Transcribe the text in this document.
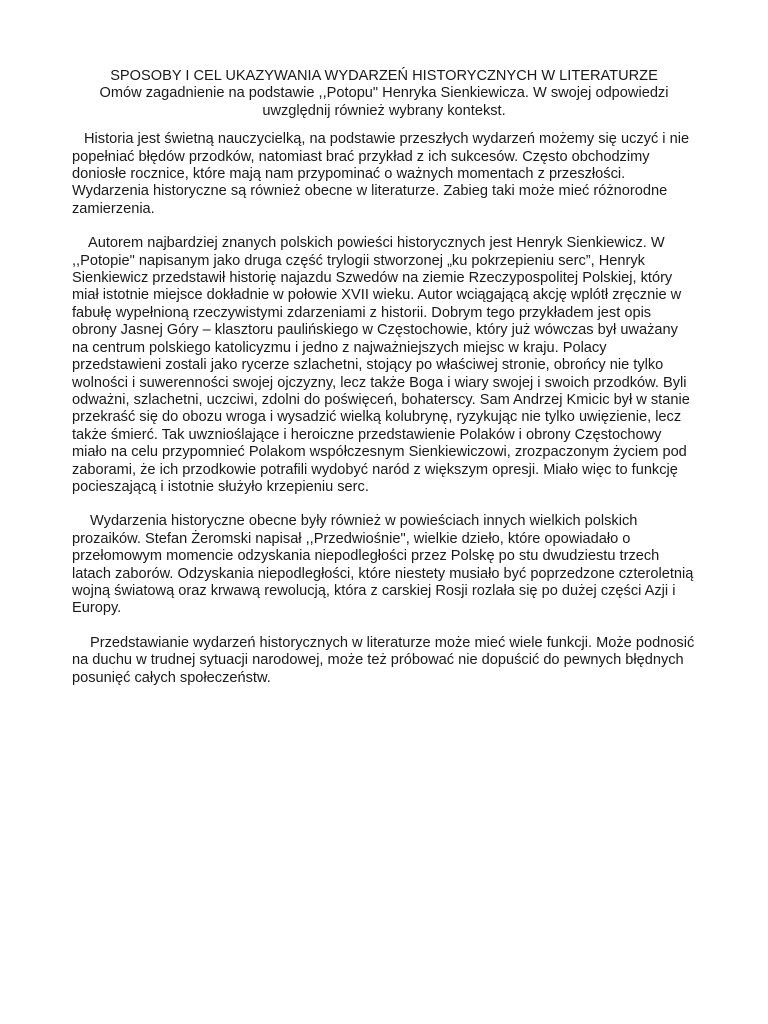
SPOSOBY I CEL UKAZYWANIA WYDARZEŃ HISTORYCZNYCH W LITERATURZE
Omów zagadnienie na podstawie ,,Potopu" Henryka Sienkiewicza. W swojej odpowiedzi
uwzględnij również wybrany kontekst.

Historia jest świetną nauczycielką, na podstawie przeszłych wydarzeń możemy się uczyć i nie popełniać błędów przodków, natomiast brać przykład z ich sukcesów. Często obchodzimy doniosłe rocznice, które mają nam przypominać o ważnych momentach z przeszłości. Wydarzenia historyczne są również obecne w literaturze. Zabieg taki może mieć różnorodne zamierzenia.

Autorem najbardziej znanych polskich powieści historycznych jest Henryk Sienkiewicz. W ,,Potopie" napisanym jako druga część trylogii stworzonej „ku pokrzepieniu serc”, Henryk Sienkiewicz przedstawił historię najazdu Szwedów na ziemie Rzeczypospolitej Polskiej, który miał istotnie miejsce dokładnie w połowie XVII wieku. Autor wciągającą akcję wplótł zręcznie w fabułę wypełnioną rzeczywistymi zdarzeniami z historii. Dobrym tego przykładem jest opis obrony Jasnej Góry – klasztoru paulińskiego w Częstochowie, który już wówczas był uważany na centrum polskiego katolicyzmu i jedno z najważniejszych miejsc w kraju. Polacy przedstawieni zostali jako rycerze szlachetni, stojący po właściwej stronie, obrońcy nie tylko wolności i suwerenności swojej ojczyzny, lecz także Boga i wiary swojej i swoich przodków. Byli odważni, szlachetni, uczciwi, zdolni do poświęceń, bohaterscy. Sam Andrzej Kmicic był w stanie przekraść się do obozu wroga i wysadzić wielką kolubrynę, ryzykując nie tylko uwięzienie, lecz także śmierć. Tak uwznioślające i heroiczne przedstawienie Polaków i obrony Częstochowy miało na celu przypomnieć Polakom współczesnym Sienkiewiczowi, zrozpaczonym życiem pod zaborami, że ich przodkowie potrafili wydobyć naród z większym opresji. Miało więc to funkcję pocieszającą i istotnie służyło krzepieniu serc.

Wydarzenia historyczne obecne były również w powieściach innych wielkich polskich prozaików. Stefan Żeromski napisał ,,Przedwiośnie", wielkie dzieło, które opowiadało o przełomowym momencie odzyskania niepodległości przez Polskę po stu dwudziestu trzech latach zaborów. Odzyskania niepodległości, które niestety musiało być poprzedzone czteroletnią wojną światową oraz krwawą rewolucją, która z carskiej Rosji rozlała się po dużej części Azji i Europy.

Przedstawianie wydarzeń historycznych w literaturze może mieć wiele funkcji. Może podnosić na duchu w trudnej sytuacji narodowej, może też próbować nie dopuścić do pewnych błędnych posunięć całych społeczeństw.
